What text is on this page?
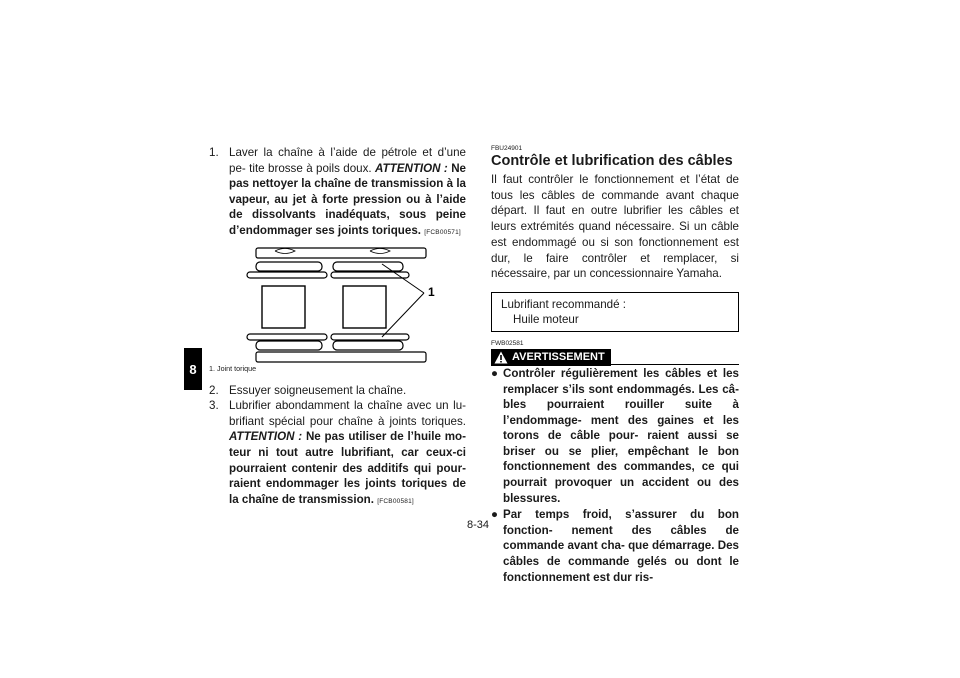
8
1. Laver la chaîne à l’aide de pétrole et d’une pe- tite brosse à poils doux. ATTENTION : Ne pas nettoyer la chaîne de transmission à la vapeur, au jet à forte pression ou à l’aide de dissolvants inadéquats, sous peine d’endommager ses joints toriques. [FCB00571]
1
1. Joint torique
2. Essuyer soigneusement la chaîne.
3. Lubrifier abondamment la chaîne avec un lu- brifiant spécial pour chaîne à joints toriques. ATTENTION : Ne pas utiliser de l’huile mo- teur ni tout autre lubrifiant, car ceux-ci pourraient contenir des additifs qui pour- raient endommager les joints toriques de la chaîne de transmission. [FCB00581]
FBU24901
Contrôle et lubrification des câbles
Il faut contrôler le fonctionnement et l’état de tous les câbles de commande avant chaque départ. Il faut en outre lubrifier les câbles et leurs extrémités quand nécessaire. Si un câble est endommagé ou si son fonctionnement est dur, le faire contrôler et remplacer, si nécessaire, par un concessionnaire Yamaha.
Lubrifiant recommandé :
Huile moteur
FWB02581
AVERTISSEMENT
● Contrôler régulièrement les câbles et les remplacer s’ils sont endommagés. Les câ- bles pourraient rouiller suite à l’endommage- ment des gaines et les torons de câble pour- raient aussi se briser ou se plier, empêchant le bon fonctionnement des commandes, ce qui pourrait provoquer un accident ou des blessures.
● Par temps froid, s’assurer du bon fonction- nement des câbles de commande avant cha- que démarrage. Des câbles de commande gelés ou dont le fonctionnement est dur ris-
8-34
